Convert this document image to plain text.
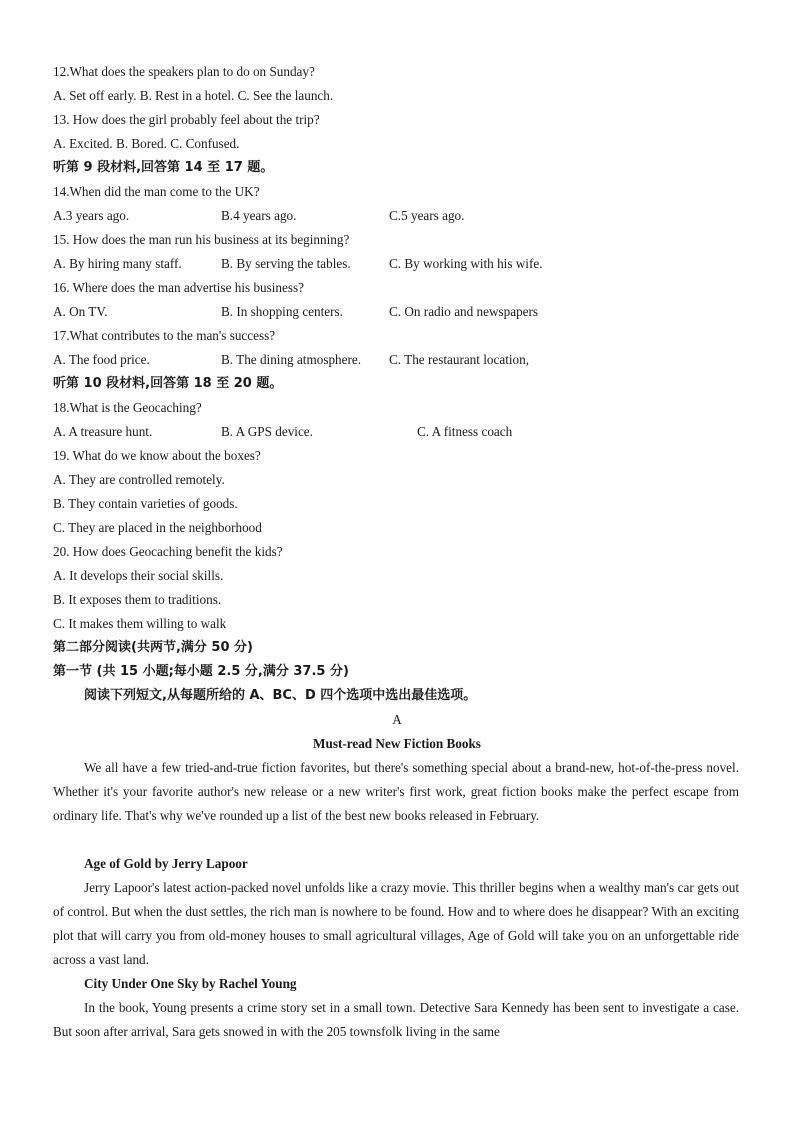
12.What does the speakers plan to do on Sunday?
A. Set off early. B. Rest in a hotel. C. See the launch.
13. How does the girl probably feel about the trip?
A. Excited. B. Bored. C. Confused.
听第 9 段材料,回答第 14 至 17 题。
14.When did the man come to the UK?
A.3 years ago.	B.4 years ago.	C.5 years ago.
15. How does the man run his business at its beginning?
A. By hiring many staff.	B. By serving the tables.	C. By working with his wife.
16. Where does the man advertise his business?
A. On TV.	B. In shopping centers.	C. On radio and newspapers
17.What contributes to the man's success?
A. The food price.	B. The dining atmosphere. C. The restaurant location,
听第 10 段材料,回答第 18 至 20 题。
18.What is the Geocaching?
A. A treasure hunt.	B. A GPS device.	C. A fitness coach
19. What do we know about the boxes?
A. They are controlled remotely.
B. They contain varieties of goods.
C. They are placed in the neighborhood
20. How does Geocaching benefit the kids?
A. It develops their social skills.
B. It exposes them to traditions.
C. It makes them willing to walk
第二部分阅读(共两节,满分 50 分)
第一节 (共 15 小题;每小题 2.5 分,满分 37.5 分)
阅读下列短文,从每题所给的 A、BC、D 四个选项中选出最佳选项。
A
Must-read New Fiction Books

We all have a few tried-and-true fiction favorites, but there's something special about a brand-new, hot-of-the-press novel. Whether it's your favorite author's new release or a new writer's first work, great fiction books make the perfect escape from ordinary life. That's why we've rounded up a list of the best new books released in February.

Age of Gold by Jerry Lapoor

Jerry Lapoor's latest action-packed novel unfolds like a crazy movie. This thriller begins when a wealthy man's car gets out of control. But when the dust settles, the rich man is nowhere to be found. How and to where does he disappear? With an exciting plot that will carry you from old-money houses to small agricultural villages, Age of Gold will take you on an unforgettable ride across a vast land.

City Under One Sky by Rachel Young

In the book, Young presents a crime story set in a small town. Detective Sara Kennedy has been sent to investigate a case. But soon after arrival, Sara gets snowed in with the 205 townsfolk living in the same
